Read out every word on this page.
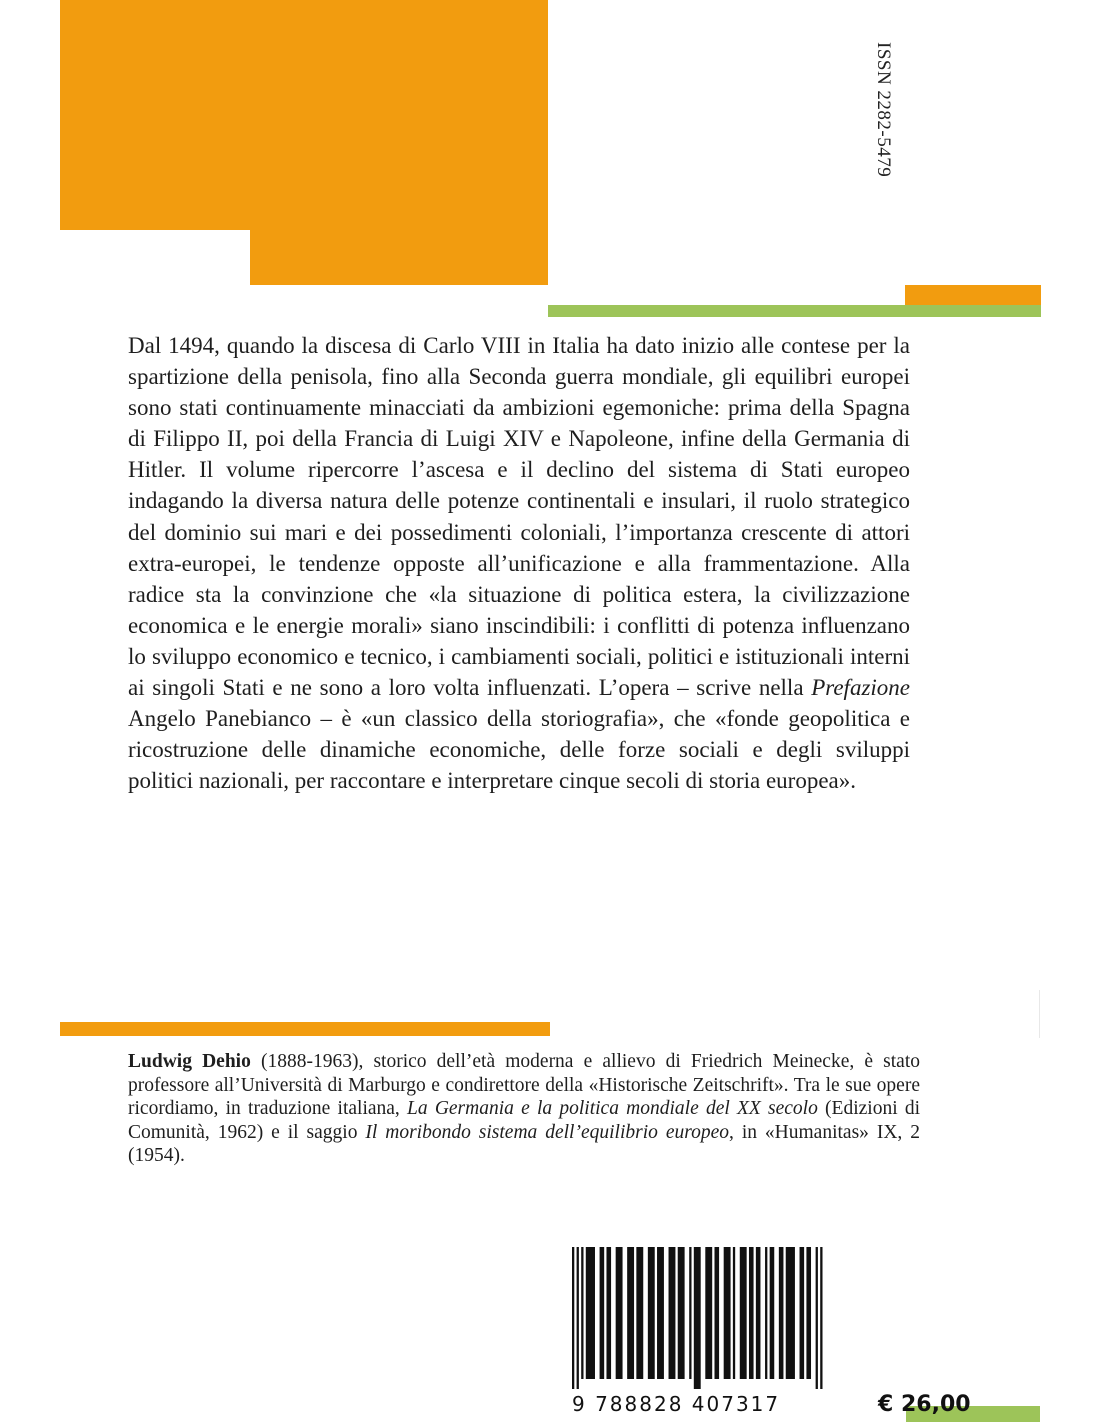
ISSN 2282-5479

Dal 1494, quando la discesa di Carlo VIII in Italia ha dato inizio alle contese per la spartizione della penisola, fino alla Seconda guerra mondiale, gli equilibri europei sono stati continuamente minacciati da ambizioni egemoniche: prima della Spagna di Filippo II, poi della Francia di Luigi XIV e Napoleone, infine della Germania di Hitler. Il volume ripercorre l’ascesa e il declino del sistema di Stati europeo indagando la diversa natura delle potenze continentali e insulari, il ruolo strategico del dominio sui mari e dei possedimenti coloniali, l’importanza crescente di attori extra-europei, le tendenze opposte all’unificazione e alla frammentazione. Alla radice sta la convinzione che «la situazione di politica estera, la civilizzazione economica e le energie morali» siano inscindibili: i conflitti di potenza influenzano lo sviluppo economico e tecnico, i cambiamenti sociali, politici e istituzionali interni ai singoli Stati e ne sono a loro volta influenzati. L’opera – scrive nella Prefazione Angelo Panebianco – è «un classico della storiografia», che «fonde geopolitica e ricostruzione delle dinamiche economiche, delle forze sociali e degli sviluppi politici nazionali, per raccontare e interpretare cinque secoli di storia europea».

Ludwig Dehio (1888-1963), storico dell’età moderna e allievo di Friedrich Meinecke, è stato professore all’Università di Marburgo e condirettore della «Historische Zeitschrift». Tra le sue opere ricordiamo, in traduzione italiana, La Germania e la politica mondiale del XX secolo (Edizioni di Comunità, 1962) e il saggio Il moribondo sistema dell’equilibrio europeo, in «Humanitas» IX, 2 (1954).

9 788828 407317	€ 26,00
